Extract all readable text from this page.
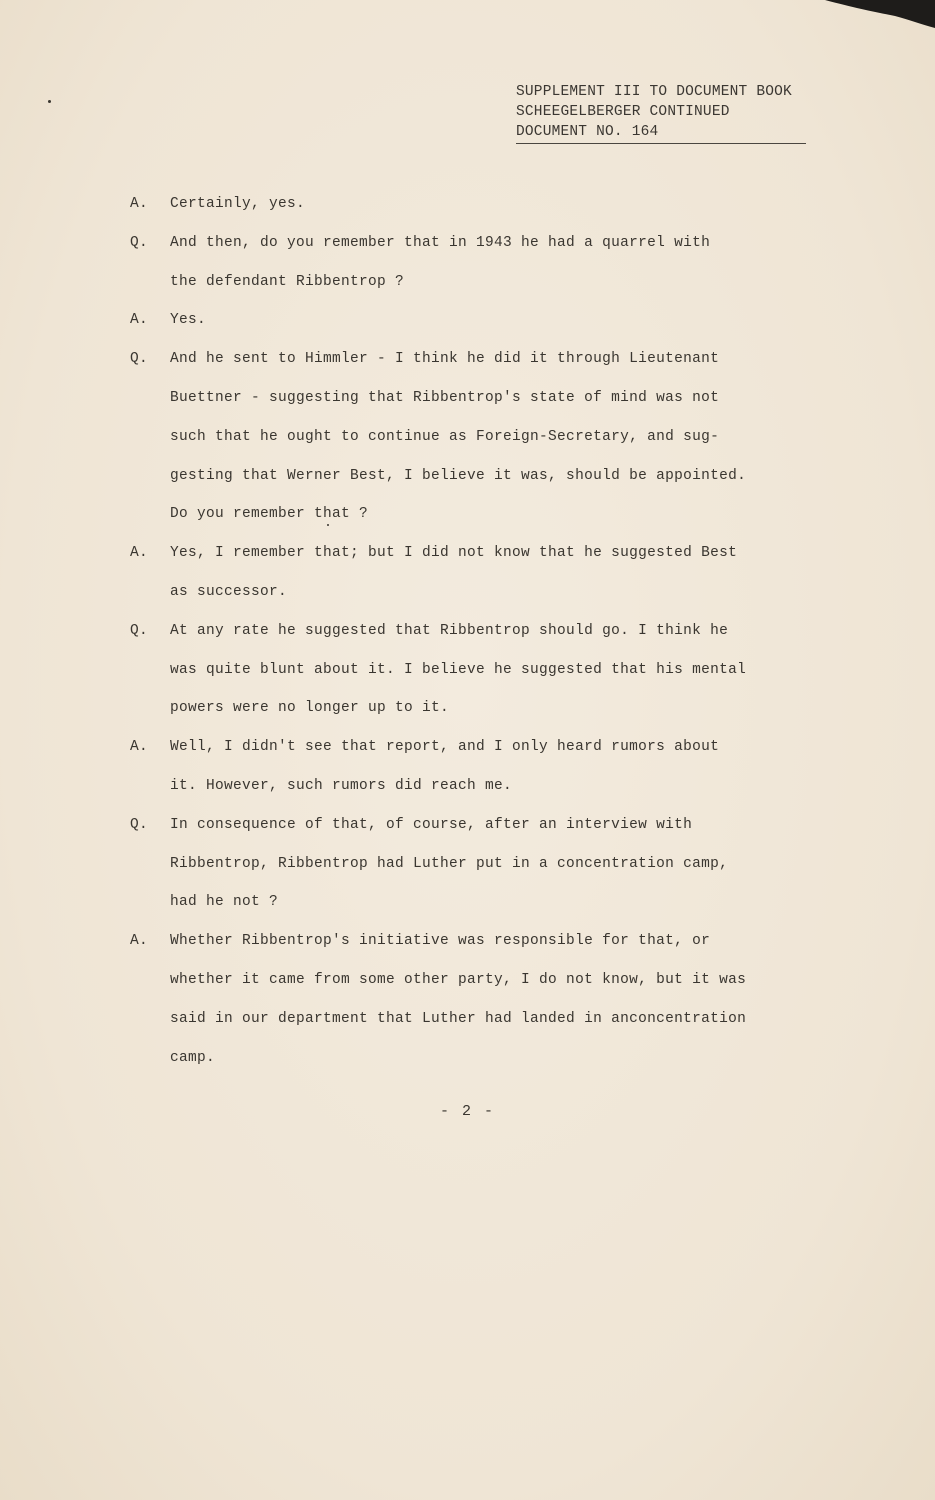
SUPPLEMENT III TO DOCUMENT BOOK
SCHEEGELBERGER CONTINUED
DOCUMENT NO. 164
A.	Certainly, yes.
Q.	And then, do you remember that in 1943 he had a quarrel with
the defendant Ribbentrop ?
A.	Yes.
Q.	And he sent to Himmler - I think he did it through Lieutenant
Buettner - suggesting that Ribbentrop's state of mind was not
such that he ought to continue as Foreign-Secretary, and sug-
gesting that Werner Best, I believe it was, should be appointed.
Do you remember that ?
A.	Yes, I remember that; but I did not know that he suggested Best
as successor.
Q.	At any rate he suggested that Ribbentrop should go. I think he
was quite blunt about it. I believe he suggested that his mental
powers were no longer up to it.
A.	Well, I didn't see that report, and I only heard rumors about
it. However, such rumors did reach me.
Q.	In consequence of that, of course, after an interview with
Ribbentrop, Ribbentrop had Luther put in a concentration camp,
had he not ?
A.	Whether Ribbentrop's initiative was responsible for that, or
whether it came from some other party, I do not know, but it was
said in our department that Luther had landed in anconcentration
camp.
- 2 -
